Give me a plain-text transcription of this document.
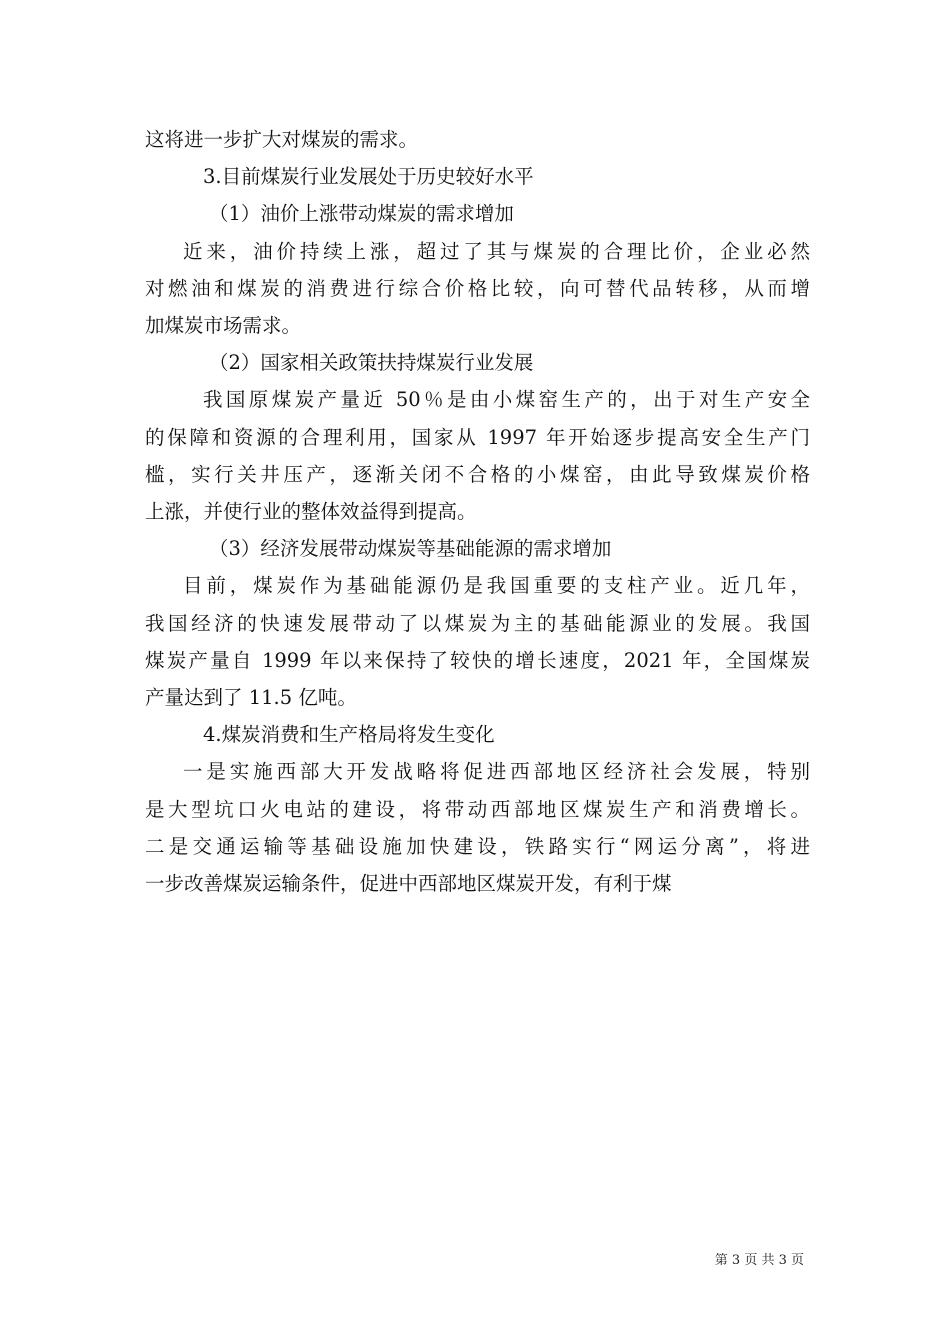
这将进一步扩大对煤炭的需求。

3.目前煤炭行业发展处于历史较好水平

（1）油价上涨带动煤炭的需求增加

近来，油价持续上涨，超过了其与煤炭的合理比价，企业必然

对燃油和煤炭的消费进行综合价格比较，向可替代品转移，从而增

加煤炭市场需求。

（2）国家相关政策扶持煤炭行业发展

我国原煤炭产量近 50％是由小煤窑生产的，出于对生产安全

的保障和资源的合理利用，国家从 1997 年开始逐步提高安全生产门

槛，实行关井压产，逐渐关闭不合格的小煤窑，由此导致煤炭价格

上涨，并使行业的整体效益得到提高。

（3）经济发展带动煤炭等基础能源的需求增加

目前，煤炭作为基础能源仍是我国重要的支柱产业。近几年，

我国经济的快速发展带动了以煤炭为主的基础能源业的发展。我国

煤炭产量自 1999 年以来保持了较快的增长速度，2021 年，全国煤炭

产量达到了 11.5 亿吨。

4.煤炭消费和生产格局将发生变化

一是实施西部大开发战略将促进西部地区经济社会发展，特别

是大型坑口火电站的建设，将带动西部地区煤炭生产和消费增长。

二是交通运输等基础设施加快建设，铁路实行“网运分离”，将进

一步改善煤炭运输条件，促进中西部地区煤炭开发，有利于煤

第 3 页 共 3 页
